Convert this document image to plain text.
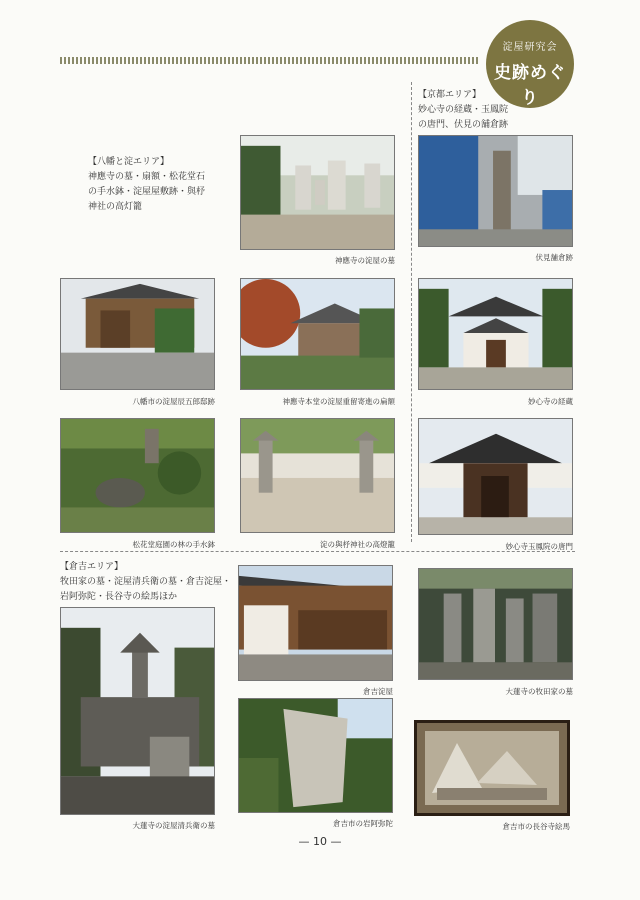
淀屋研究会
史跡めぐり
【八幡と淀エリア】
神應寺の墓・扇額・松花堂石
の手水鉢・淀屋屋敷跡・與杼
神社の高灯籠
【京都エリア】
妙心寺の経蔵・玉鳳院
の唐門、伏見の舗倉跡
【倉吉エリア】
牧田家の墓・淀屋清兵衛の墓・倉吉淀屋・
岩阿弥陀・長谷寺の絵馬ほか
神應寺の淀屋の墓	伏見舗倉跡
八幡市の淀屋辰五郎邸跡	神應寺本堂の淀屋重留寄進の扁額	妙心寺の経蔵
松花堂庭園の林の手水鉢	淀の與杼神社の高燈籠	妙心寺玉鳳院の唐門
倉吉淀屋	大蓮寺の牧田家の墓
大蓮寺の淀屋清兵衛の墓	倉吉市の岩阿弥陀	倉吉市の長谷寺絵馬
— 10 —
